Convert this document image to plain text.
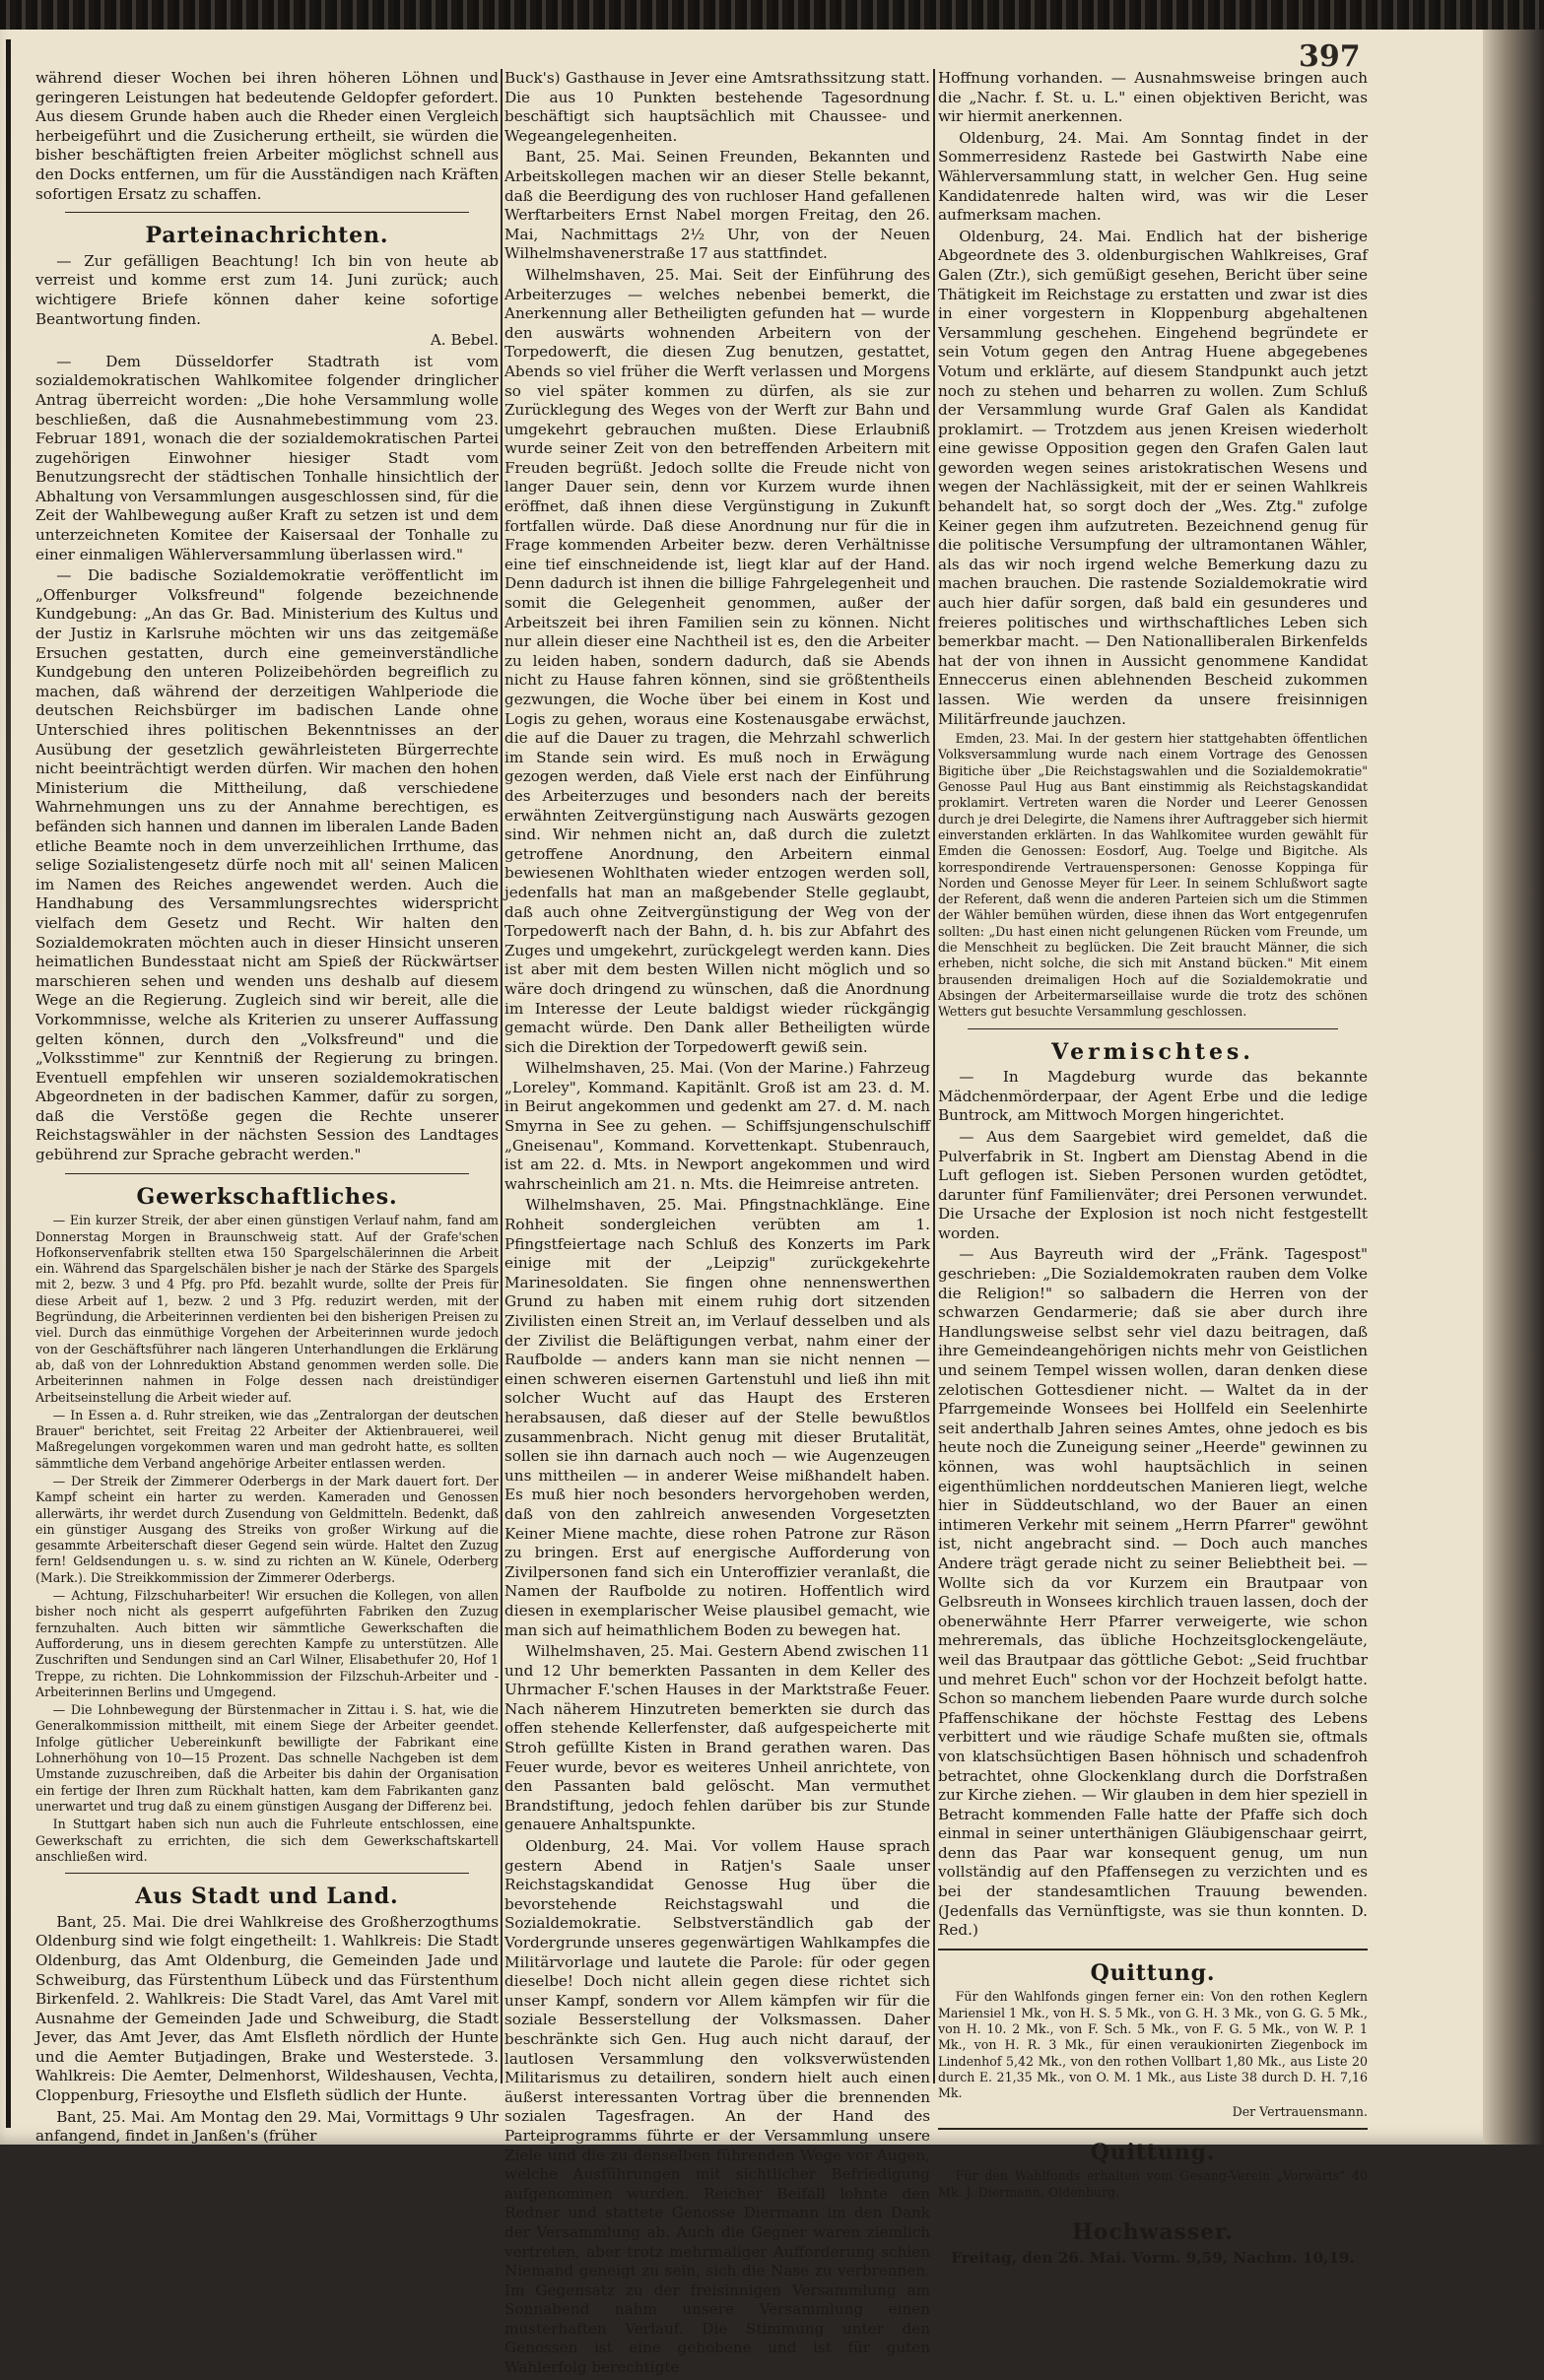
397

während dieser Wochen bei ihren höheren Löhnen und geringeren Leistungen hat bedeutende Geldopfer gefordert. Aus diesem Grunde haben auch die Rheder einen Vergleich herbeigeführt und die Zusicherung ertheilt, sie würden die bisher beschäftigten freien Arbeiter möglichst schnell aus den Docks entfernen, um für die Ausständigen nach Kräften sofortigen Ersatz zu schaffen.

Parteinachrichten.

— Zur gefälligen Beachtung! Ich bin von heute ab verreist und komme erst zum 14. Juni zurück; auch wichtigere Briefe können daher keine sofortige Beantwortung finden.

A. Bebel.

— Dem Düsseldorfer Stadtrath ist vom sozialdemokratischen Wahlkomitee folgender dringlicher Antrag überreicht worden: „Die hohe Versammlung wolle beschließen, daß die Ausnahmebestimmung vom 23. Februar 1891, wonach die der sozialdemokratischen Partei zugehörigen Einwohner hiesiger Stadt vom Benutzungsrecht der städtischen Tonhalle hinsichtlich der Abhaltung von Versammlungen ausgeschlossen sind, für die Zeit der Wahlbewegung außer Kraft zu setzen ist und dem unterzeichneten Komitee der Kaisersaal der Tonhalle zu einer einmaligen Wählerversammlung überlassen wird."

— Die badische Sozialdemokratie veröffentlicht im „Offenburger Volksfreund" folgende bezeichnende Kundgebung: „An das Gr. Bad. Ministerium des Kultus und der Justiz in Karlsruhe möchten wir uns das zeitgemäße Ersuchen gestatten, durch eine gemeinverständliche Kundgebung den unteren Polizeibehörden begreiflich zu machen, daß während der derzeitigen Wahlperiode die deutschen Reichsbürger im badischen Lande ohne Unterschied ihres politischen Bekenntnisses an der Ausübung der gesetzlich gewährleisteten Bürgerrechte nicht beeinträchtigt werden dürfen. Wir machen den hohen Ministerium die Mittheilung, daß verschiedene Wahrnehmungen uns zu der Annahme berechtigen, es befänden sich hannen und dannen im liberalen Lande Baden etliche Beamte noch in dem unverzeihlichen Irrthume, das selige Sozialistengesetz dürfe noch mit all' seinen Malicen im Namen des Reiches angewendet werden. Auch die Handhabung des Versammlungsrechtes widerspricht vielfach dem Gesetz und Recht. Wir halten den Sozialdemokraten möchten auch in dieser Hinsicht unseren heimatlichen Bundesstaat nicht am Spieß der Rückwärtser marschieren sehen und wenden uns deshalb auf diesem Wege an die Regierung. Zugleich sind wir bereit, alle die Vorkommnisse, welche als Kriterien zu unserer Auffassung gelten können, durch den „Volksfreund" und die „Volksstimme" zur Kenntniß der Regierung zu bringen. Eventuell empfehlen wir unseren sozialdemokratischen Abgeordneten in der badischen Kammer, dafür zu sorgen, daß die Verstöße gegen die Rechte unserer Reichstagswähler in der nächsten Session des Landtages gebührend zur Sprache gebracht werden."

Gewerkschaftliches.

— Ein kurzer Streik, der aber einen günstigen Verlauf nahm, fand am Donnerstag Morgen in Braunschweig statt. Auf der Grafe'schen Hofkonservenfabrik stellten etwa 150 Spargelschälerinnen die Arbeit ein. Während das Spargelschälen bisher je nach der Stärke des Spargels mit 2, bezw. 3 und 4 Pfg. pro Pfd. bezahlt wurde, sollte der Preis für diese Arbeit auf 1, bezw. 2 und 3 Pfg. reduzirt werden, mit der Begründung, die Arbeiterinnen verdienten bei den bisherigen Preisen zu viel. Durch das einmüthige Vorgehen der Arbeiterinnen wurde jedoch von der Geschäftsführer nach längeren Unterhandlungen die Erklärung ab, daß von der Lohnreduktion Abstand genommen werden solle. Die Arbeiterinnen nahmen in Folge dessen nach dreistündiger Arbeitseinstellung die Arbeit wieder auf.

— In Essen a. d. Ruhr streiken, wie das „Zentralorgan der deutschen Brauer" berichtet, seit Freitag 22 Arbeiter der Aktienbrauerei, weil Maßregelungen vorgekommen waren und man gedroht hatte, es sollten sämmtliche dem Verband angehörige Arbeiter entlassen werden.

— Der Streik der Zimmerer Oderbergs in der Mark dauert fort. Der Kampf scheint ein harter zu werden. Kameraden und Genossen allerwärts, ihr werdet durch Zusendung von Geldmitteln. Bedenkt, daß ein günstiger Ausgang des Streiks von großer Wirkung auf die gesammte Arbeiterschaft dieser Gegend sein würde. Haltet den Zuzug fern! Geldsendungen u. s. w. sind zu richten an W. Künele, Oderberg (Mark.). Die Streikkommission der Zimmerer Oderbergs.

— Achtung, Filzschuharbeiter! Wir ersuchen die Kollegen, von allen bisher noch nicht als gesperrt aufgeführten Fabriken den Zuzug fernzuhalten. Auch bitten wir sämmtliche Gewerkschaften die Aufforderung, uns in diesem gerechten Kampfe zu unterstützen. Alle Zuschriften und Sendungen sind an Carl Wilner, Elisabethufer 20, Hof 1 Treppe, zu richten. Die Lohnkommission der Filzschuh-Arbeiter und -Arbeiterinnen Berlins und Umgegend.

— Die Lohnbewegung der Bürstenmacher in Zittau i. S. hat, wie die Generalkommission mittheilt, mit einem Siege der Arbeiter geendet. Infolge gütlicher Uebereinkunft bewilligte der Fabrikant eine Lohnerhöhung von 10—15 Prozent. Das schnelle Nachgeben ist dem Umstande zuzuschreiben, daß die Arbeiter bis dahin der Organisation ein fertige der Ihren zum Rückhalt hatten, kam dem Fabrikanten ganz unerwartet und trug daß zu einem günstigen Ausgang der Differenz bei.

In Stuttgart haben sich nun auch die Fuhrleute entschlossen, eine Gewerkschaft zu errichten, die sich dem Gewerkschaftskartell anschließen wird.

Aus Stadt und Land.

Bant, 25. Mai. Die drei Wahlkreise des Großherzogthums Oldenburg sind wie folgt eingetheilt: 1. Wahlkreis: Die Stadt Oldenburg, das Amt Oldenburg, die Gemeinden Jade und Schweiburg, das Fürstenthum Lübeck und das Fürstenthum Birkenfeld. 2. Wahlkreis: Die Stadt Varel, das Amt Varel mit Ausnahme der Gemeinden Jade und Schweiburg, die Stadt Jever, das Amt Jever, das Amt Elsfleth nördlich der Hunte und die Aemter Butjadingen, Brake und Westerstede. 3. Wahlkreis: Die Aemter, Delmenhorst, Wildeshausen, Vechta, Cloppenburg, Friesoythe und Elsfleth südlich der Hunte.

Bant, 25. Mai. Am Montag den 29. Mai, Vormittags 9 Uhr anfangend, findet in Janßen's (früher

Buck's) Gasthause in Jever eine Amtsrathssitzung statt. Die aus 10 Punkten bestehende Tagesordnung beschäftigt sich hauptsächlich mit Chaussee- und Wegeangelegenheiten.

Bant, 25. Mai. Seinen Freunden, Bekannten und Arbeitskollegen machen wir an dieser Stelle bekannt, daß die Beerdigung des von ruchloser Hand gefallenen Werftarbeiters Ernst Nabel morgen Freitag, den 26. Mai, Nachmittags 2½ Uhr, von der Neuen Wilhelmshavenerstraße 17 aus stattfindet.

Wilhelmshaven, 25. Mai. Seit der Einführung des Arbeiterzuges — welches nebenbei bemerkt, die Anerkennung aller Betheiligten gefunden hat — wurde den auswärts wohnenden Arbeitern von der Torpedowerft, die diesen Zug benutzen, gestattet, Abends so viel früher die Werft verlassen und Morgens so viel später kommen zu dürfen, als sie zur Zurücklegung des Weges von der Werft zur Bahn und umgekehrt gebrauchen mußten. Diese Erlaubniß wurde seiner Zeit von den betreffenden Arbeitern mit Freuden begrüßt. Jedoch sollte die Freude nicht von langer Dauer sein, denn vor Kurzem wurde ihnen eröffnet, daß ihnen diese Vergünstigung in Zukunft fortfallen würde. Daß diese Anordnung nur für die in Frage kommenden Arbeiter bezw. deren Verhältnisse eine tief einschneidende ist, liegt klar auf der Hand. Denn dadurch ist ihnen die billige Fahrgelegenheit und somit die Gelegenheit genommen, außer der Arbeitszeit bei ihren Familien sein zu können. Nicht nur allein dieser eine Nachtheil ist es, den die Arbeiter zu leiden haben, sondern dadurch, daß sie Abends nicht zu Hause fahren können, sind sie größtentheils gezwungen, die Woche über bei einem in Kost und Logis zu gehen, woraus eine Kostenausgabe erwächst, die auf die Dauer zu tragen, die Mehrzahl schwerlich im Stande sein wird. Es muß noch in Erwägung gezogen werden, daß Viele erst nach der Einführung des Arbeiterzuges und besonders nach der bereits erwähnten Zeitvergünstigung nach Auswärts gezogen sind. Wir nehmen nicht an, daß durch die zuletzt getroffene Anordnung, den Arbeitern einmal bewiesenen Wohlthaten wieder entzogen werden soll, jedenfalls hat man an maßgebender Stelle geglaubt, daß auch ohne Zeitvergünstigung der Weg von der Torpedowerft nach der Bahn, d. h. bis zur Abfahrt des Zuges und umgekehrt, zurückgelegt werden kann. Dies ist aber mit dem besten Willen nicht möglich und so wäre doch dringend zu wünschen, daß die Anordnung im Interesse der Leute baldigst wieder rückgängig gemacht würde. Den Dank aller Betheiligten würde sich die Direktion der Torpedowerft gewiß sein.

Wilhelmshaven, 25. Mai. (Von der Marine.) Fahrzeug „Loreley", Kommand. Kapitänlt. Groß ist am 23. d. M. in Beirut angekommen und gedenkt am 27. d. M. nach Smyrna in See zu gehen. — Schiffsjungenschulschiff „Gneisenau", Kommand. Korvettenkapt. Stubenrauch, ist am 22. d. Mts. in Newport angekommen und wird wahrscheinlich am 21. n. Mts. die Heimreise antreten.

Wilhelmshaven, 25. Mai. Pfingstnachklänge. Eine Rohheit sondergleichen verübten am 1. Pfingstfeiertage nach Schluß des Konzerts im Park einige mit der „Leipzig" zurückgekehrte Marinesoldaten. Sie fingen ohne nennenswerthen Grund zu haben mit einem ruhig dort sitzenden Zivilisten einen Streit an, im Verlauf desselben und als der Zivilist die Beläftigungen verbat, nahm einer der Raufbolde — anders kann man sie nicht nennen — einen schweren eisernen Gartenstuhl und ließ ihn mit solcher Wucht auf das Haupt des Ersteren herabsausen, daß dieser auf der Stelle bewußtlos zusammenbrach. Nicht genug mit dieser Brutalität, sollen sie ihn darnach auch noch — wie Augenzeugen uns mittheilen — in anderer Weise mißhandelt haben. Es muß hier noch besonders hervorgehoben werden, daß von den zahlreich anwesenden Vorgesetzten Keiner Miene machte, diese rohen Patrone zur Räson zu bringen. Erst auf energische Aufforderung von Zivilpersonen fand sich ein Unteroffizier veranlaßt, die Namen der Raufbolde zu notiren. Hoffentlich wird diesen in exemplarischer Weise plausibel gemacht, wie man sich auf heimathlichem Boden zu bewegen hat.

Wilhelmshaven, 25. Mai. Gestern Abend zwischen 11 und 12 Uhr bemerkten Passanten in dem Keller des Uhrmacher F.'schen Hauses in der Marktstraße Feuer. Nach näherem Hinzutreten bemerkten sie durch das offen stehende Kellerfenster, daß aufgespeicherte mit Stroh gefüllte Kisten in Brand gerathen waren. Das Feuer wurde, bevor es weiteres Unheil anrichtete, von den Passanten bald gelöscht. Man vermuthet Brandstiftung, jedoch fehlen darüber bis zur Stunde genauere Anhaltspunkte.

Oldenburg, 24. Mai. Vor vollem Hause sprach gestern Abend in Ratjen's Saale unser Reichstagskandidat Genosse Hug über die bevorstehende Reichstagswahl und die Sozialdemokratie. Selbstverständlich gab der Vordergrunde unseres gegenwärtigen Wahlkampfes die Militärvorlage und lautete die Parole: für oder gegen dieselbe! Doch nicht allein gegen diese richtet sich unser Kampf, sondern vor Allem kämpfen wir für die soziale Besserstellung der Volksmassen. Daher beschränkte sich Gen. Hug auch nicht darauf, der lautlosen Versammlung den volksverwüstenden Militarismus zu detailiren, sondern hielt auch einen äußerst interessanten Vortrag über die brennenden sozialen Tagesfragen. An der Hand des Parteiprogramms führte er der Versammlung unsere Ziele und die zu denselben führenden Wege vor Augen, welche Ausführungen mit sichtlicher Befriedigung aufgenommen wurden. Reicher Beifall lohnte den Redner und stattete Genosse Diermann im den Dank der Versammlung ab. Auch die Gegner waren ziemlich vertreten, aber trotz mehrmaliger Aufforderung schien Niemand geneigt zu sein, sich die Nase zu verbrennen. Im Gegensatz zu der freisinnigen Versammlung am Sonnabend nahm unsere Versammlung einen musterhaften Verlauf. Die Stimmung unter den Genossen ist eine gehobene und ist für guten Wahlerfolg berechtigte

Hoffnung vorhanden. — Ausnahmsweise bringen auch die „Nachr. f. St. u. L." einen objektiven Bericht, was wir hiermit anerkennen.

Oldenburg, 24. Mai. Am Sonntag findet in der Sommerresidenz Rastede bei Gastwirth Nabe eine Wählerversammlung statt, in welcher Gen. Hug seine Kandidatenrede halten wird, was wir die Leser aufmerksam machen.

Oldenburg, 24. Mai. Endlich hat der bisherige Abgeordnete des 3. oldenburgischen Wahlkreises, Graf Galen (Ztr.), sich gemüßigt gesehen, Bericht über seine Thätigkeit im Reichstage zu erstatten und zwar ist dies in einer vorgestern in Kloppenburg abgehaltenen Versammlung geschehen. Eingehend begründete er sein Votum gegen den Antrag Huene abgegebenes Votum und erklärte, auf diesem Standpunkt auch jetzt noch zu stehen und beharren zu wollen. Zum Schluß der Versammlung wurde Graf Galen als Kandidat proklamirt. — Trotzdem aus jenen Kreisen wiederholt eine gewisse Opposition gegen den Grafen Galen laut geworden wegen seines aristokratischen Wesens und wegen der Nachlässigkeit, mit der er seinen Wahlkreis behandelt hat, so sorgt doch der „Wes. Ztg." zufolge Keiner gegen ihm aufzutreten. Bezeichnend genug für die politische Versumpfung der ultramontanen Wähler, als das wir noch irgend welche Bemerkung dazu zu machen brauchen. Die rastende Sozialdemokratie wird auch hier dafür sorgen, daß bald ein gesunderes und freieres politisches und wirthschaftliches Leben sich bemerkbar macht. — Den Nationalliberalen Birkenfelds hat der von ihnen in Aussicht genommene Kandidat Enneccerus einen ablehnenden Bescheid zukommen lassen. Wie werden da unsere freisinnigen Militärfreunde jauchzen.

Emden, 23. Mai. In der gestern hier stattgehabten öffentlichen Volksversammlung wurde nach einem Vortrage des Genossen Bigitiche über „Die Reichstagswahlen und die Sozialdemokratie" Genosse Paul Hug aus Bant einstimmig als Reichstagskandidat proklamirt. Vertreten waren die Norder und Leerer Genossen durch je drei Delegirte, die Namens ihrer Auftraggeber sich hiermit einverstanden erklärten. In das Wahlkomitee wurden gewählt für Emden die Genossen: Eosdorf, Aug. Toelge und Bigitche. Als korrespondirende Vertrauenspersonen: Genosse Koppinga für Norden und Genosse Meyer für Leer. In seinem Schlußwort sagte der Referent, daß wenn die anderen Parteien sich um die Stimmen der Wähler bemühen würden, diese ihnen das Wort entgegenrufen sollten: „Du hast einen nicht gelungenen Rücken vom Freunde, um die Menschheit zu beglücken. Die Zeit braucht Männer, die sich erheben, nicht solche, die sich mit Anstand bücken." Mit einem brausenden dreimaligen Hoch auf die Sozialdemokratie und Absingen der Arbeitermarseillaise wurde die trotz des schönen Wetters gut besuchte Versammlung geschlossen.

Vermischtes.

— In Magdeburg wurde das bekannte Mädchenmörderpaar, der Agent Erbe und die ledige Buntrock, am Mittwoch Morgen hingerichtet.

— Aus dem Saargebiet wird gemeldet, daß die Pulverfabrik in St. Ingbert am Dienstag Abend in die Luft geflogen ist. Sieben Personen wurden getödtet, darunter fünf Familienväter; drei Personen verwundet. Die Ursache der Explosion ist noch nicht festgestellt worden.

— Aus Bayreuth wird der „Fränk. Tagespost" geschrieben: „Die Sozialdemokraten rauben dem Volke die Religion!" so salbadern die Herren von der schwarzen Gendarmerie; daß sie aber durch ihre Handlungsweise selbst sehr viel dazu beitragen, daß ihre Gemeindeangehörigen nichts mehr von Geistlichen und seinem Tempel wissen wollen, daran denken diese zelotischen Gottesdiener nicht. — Waltet da in der Pfarrgemeinde Wonsees bei Hollfeld ein Seelenhirte seit anderthalb Jahren seines Amtes, ohne jedoch es bis heute noch die Zuneigung seiner „Heerde" gewinnen zu können, was wohl hauptsächlich in seinen eigenthümlichen norddeutschen Manieren liegt, welche hier in Süddeutschland, wo der Bauer an einen intimeren Verkehr mit seinem „Herrn Pfarrer" gewöhnt ist, nicht angebracht sind. — Doch auch manches Andere trägt gerade nicht zu seiner Beliebtheit bei. — Wollte sich da vor Kurzem ein Brautpaar von Gelbsreuth in Wonsees kirchlich trauen lassen, doch der obenerwähnte Herr Pfarrer verweigerte, wie schon mehreremals, das übliche Hochzeitsglockengeläute, weil das Brautpaar das göttliche Gebot: „Seid fruchtbar und mehret Euch" schon vor der Hochzeit befolgt hatte. Schon so manchem liebenden Paare wurde durch solche Pfaffenschikane der höchste Festtag des Lebens verbittert und wie räudige Schafe mußten sie, oftmals von klatschsüchtigen Basen höhnisch und schadenfroh betrachtet, ohne Glockenklang durch die Dorfstraßen zur Kirche ziehen. — Wir glauben in dem hier speziell in Betracht kommenden Falle hatte der Pfaffe sich doch einmal in seiner unterthänigen Gläubigenschaar geirrt, denn das Paar war konsequent genug, um nun vollständig auf den Pfaffensegen zu verzichten und es bei der standesamtlichen Trauung bewenden. (Jedenfalls das Vernünftigste, was sie thun konnten. D. Red.)

Quittung.

Für den Wahlfonds gingen ferner ein: Von den rothen Keglern Mariensiel 1 Mk., von H. S. 5 Mk., von G. H. 3 Mk., von G. G. 5 Mk., von H. 10. 2 Mk., von F. Sch. 5 Mk., von F. G. 5 Mk., von W. P. 1 Mk., von H. R. 3 Mk., für einen veraukionirten Ziegenbock im Lindenhof 5,42 Mk., von den rothen Vollbart 1,80 Mk., aus Liste 20 durch E. 21,35 Mk., von O. M. 1 Mk., aus Liste 38 durch D. H. 7,16 Mk.

Der Vertrauensmann.

Quittung.

Für den Wahlfonds erhalten vom Gesang-Verein „Vorwärts" 40 Mk. J. Diermann, Oldenburg.

Hochwasser.

Freitag, den 26. Mai. Vorm. 9,59, Nachm. 10,19.
